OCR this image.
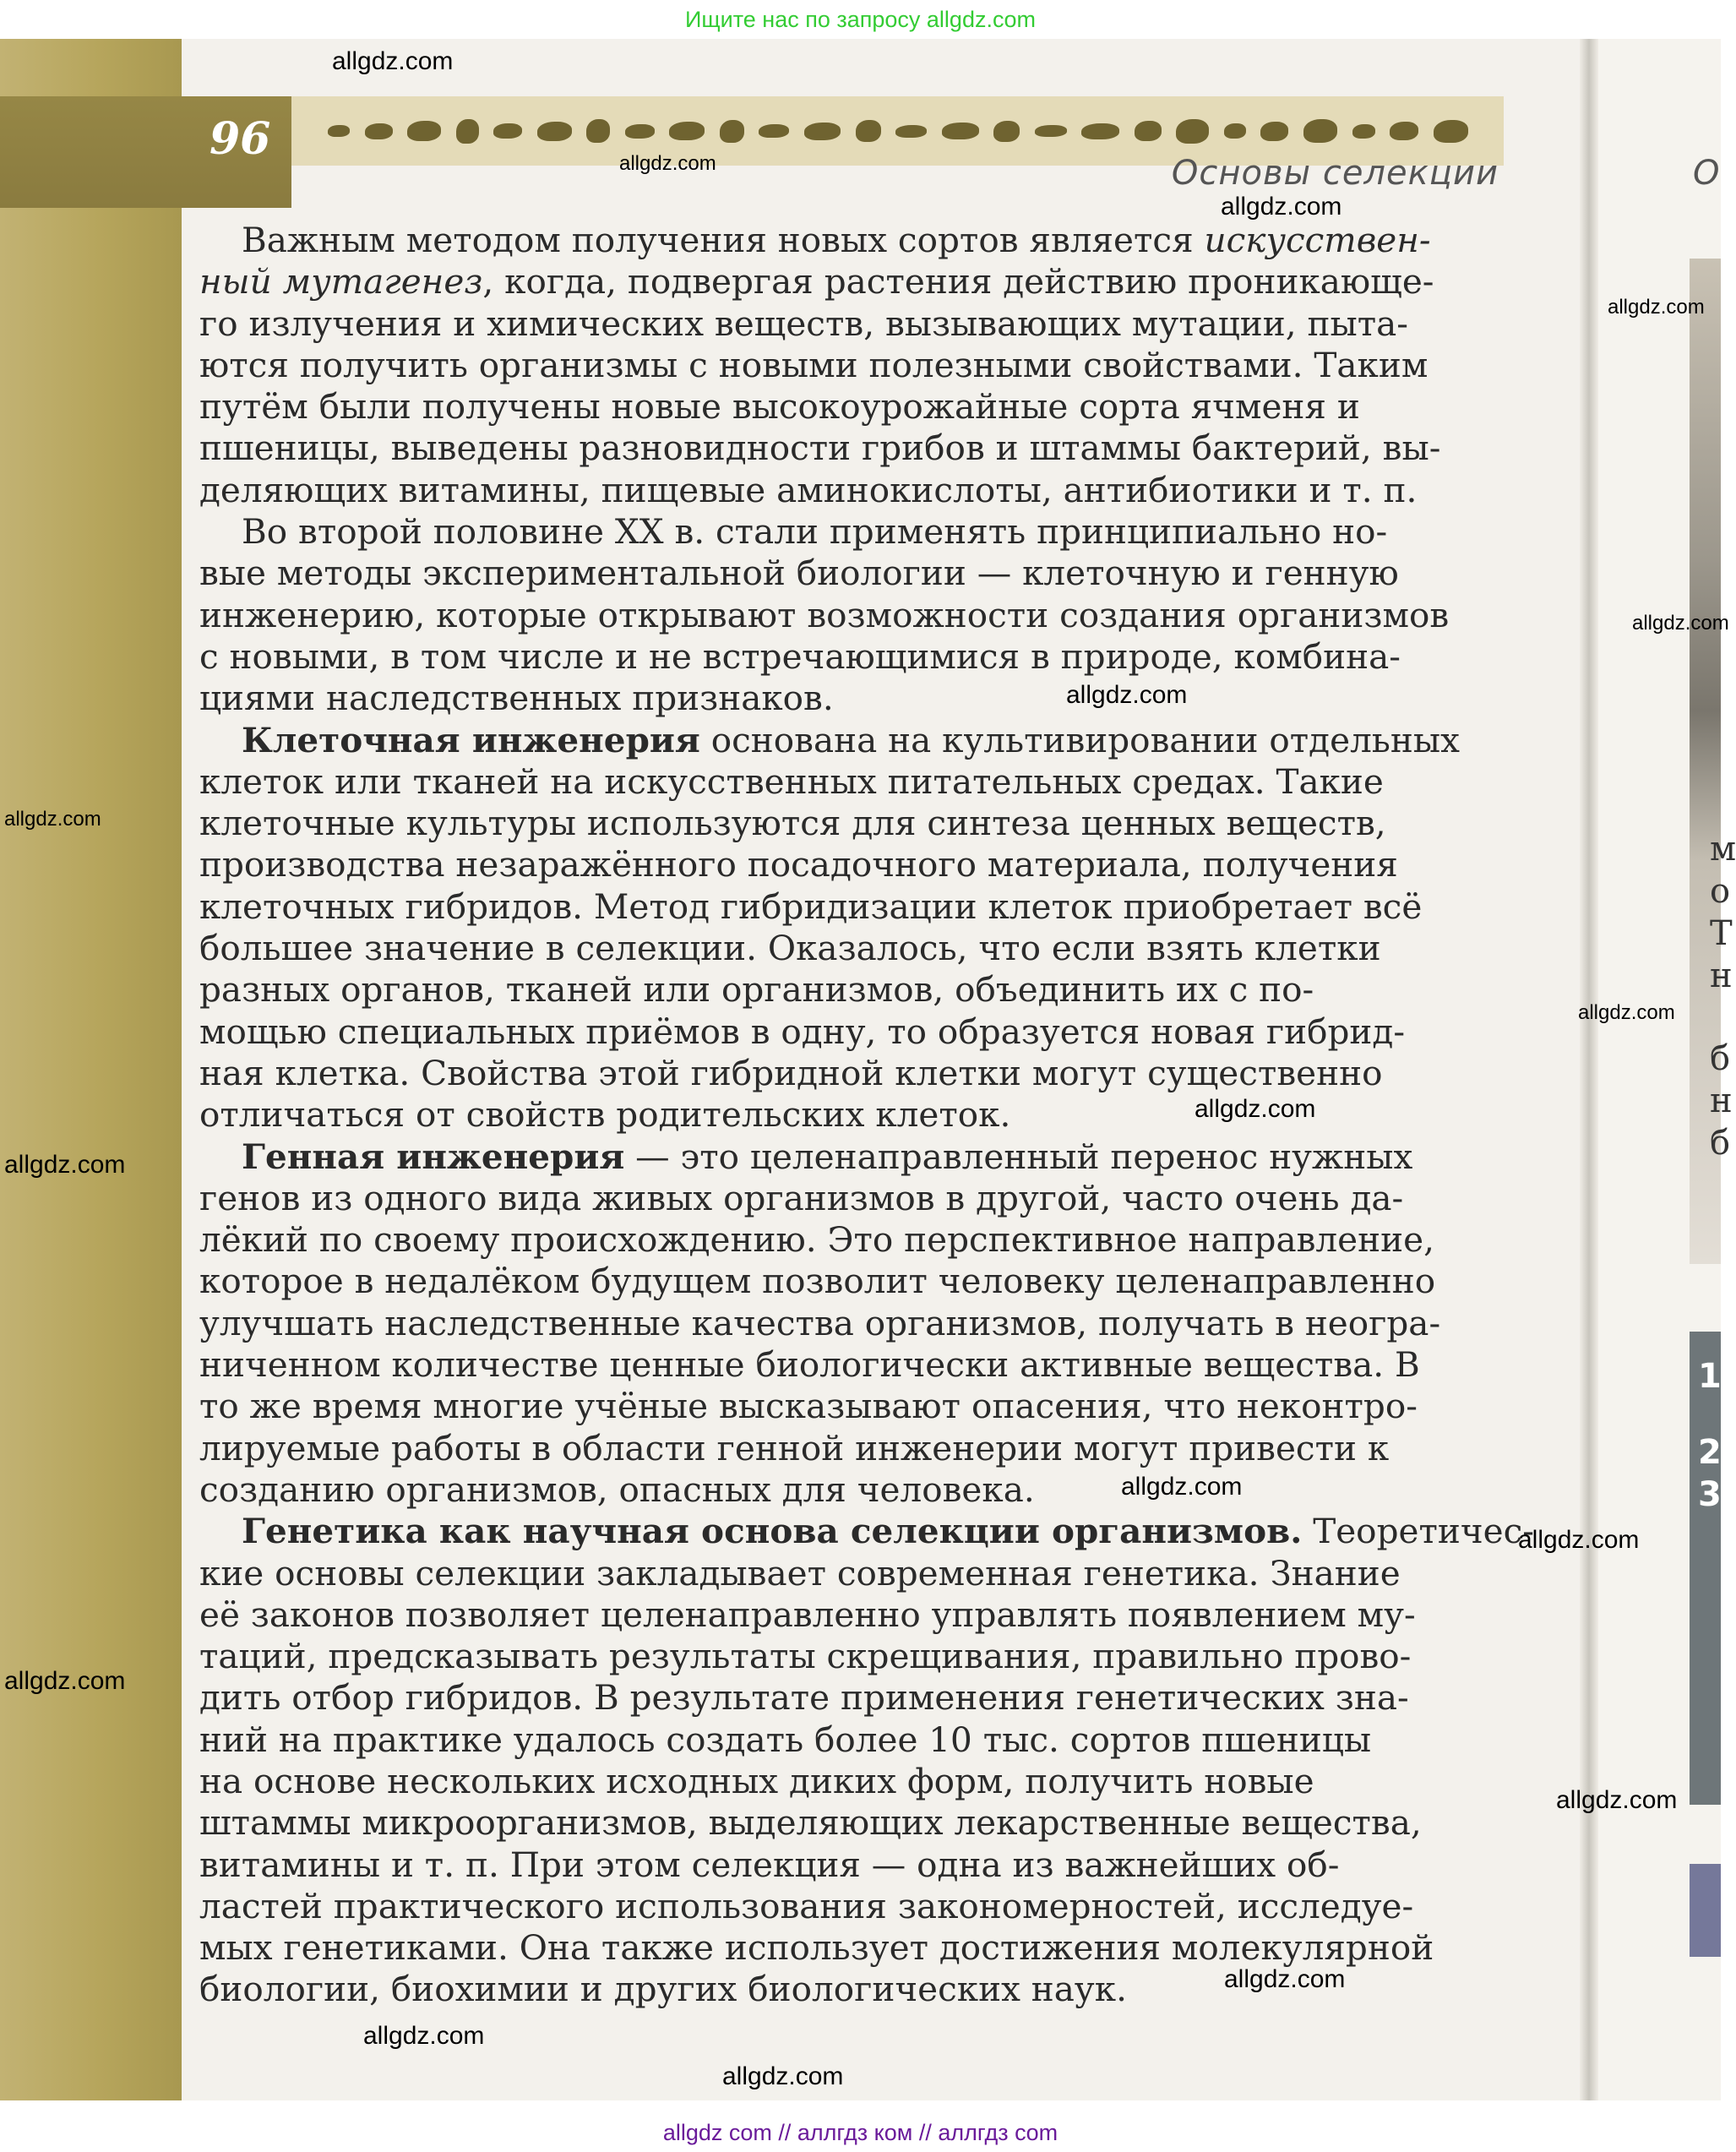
Ищите нас по запросу allgdz.com
96
Основы селекции	О
м
о
Т
н
б
н
б
1
2
3
Важным методом получения новых сортов является искусствен-
ный мутагенез , когда, подвергая растения действию проникающе-
го излучения и химических веществ, вызывающих мутации, пыта-
ются получить организмы с новыми полезными свойствами. Таким
путём были получены новые высокоурожайные сорта ячменя и
пшеницы, выведены разновидности грибов и штаммы бактерий, вы-
деляющих витамины, пищевые аминокислоты, антибиотики и т. п.
Во второй половине XX в. стали применять принципиально но-
вые методы экспериментальной биологии — клеточную и генную
инженерию, которые открывают возможности создания организмов
с новыми, в том числе и не встречающимися в природе, комбина-
циями наследственных признаков.
Клеточная инженерия основана на культивировании отдельных
клеток или тканей на искусственных питательных средах. Такие
клеточные культуры используются для синтеза ценных веществ,
производства незаражённого посадочного материала, получения
клеточных гибридов. Метод гибридизации клеток приобретает всё
большее значение в селекции. Оказалось, что если взять клетки
разных органов, тканей или организмов, объединить их с по-
мощью специальных приёмов в одну, то образуется новая гибрид-
ная клетка. Свойства этой гибридной клетки могут существенно
отличаться от свойств родительских клеток.
Генная инженерия — это целенаправленный перенос нужных
генов из одного вида живых организмов в другой, часто очень да-
лёкий по своему происхождению. Это перспективное направление,
которое в недалёком будущем позволит человеку целенаправленно
улучшать наследственные качества организмов, получать в неогра-
ниченном количестве ценные биологически активные вещества. В
то же время многие учёные высказывают опасения, что неконтро-
лируемые работы в области генной инженерии могут привести к
созданию организмов, опасных для человека.
Генетика как научная основа селекции организмов. Теоретичес-
кие основы селекции закладывает современная генетика. Знание
её законов позволяет целенаправленно управлять появлением му-
таций, предсказывать результаты скрещивания, правильно прово-
дить отбор гибридов. В результате применения генетических зна-
ний на практике удалось создать более 10 тыс. сортов пшеницы
на основе нескольких исходных диких форм, получить новые
штаммы микроорганизмов, выделяющих лекарственные вещества,
витамины и т. п. При этом селекция — одна из важнейших об-
ластей практического использования закономерностей, исследуе-
мых генетиками. Она также использует достижения молекулярной
биологии, биохимии и других биологических наук.
allgdz com // аллгдз ком // аллгдз com
allgdz.com
allgdz.com
allgdz.com
allgdz.com
allgdz.com
allgdz.com
allgdz.com
allgdz.com
allgdz.com
allgdz.com
allgdz.com
allgdz.com
allgdz.com
allgdz.com
allgdz.com
allgdz.com
allgdz.com
